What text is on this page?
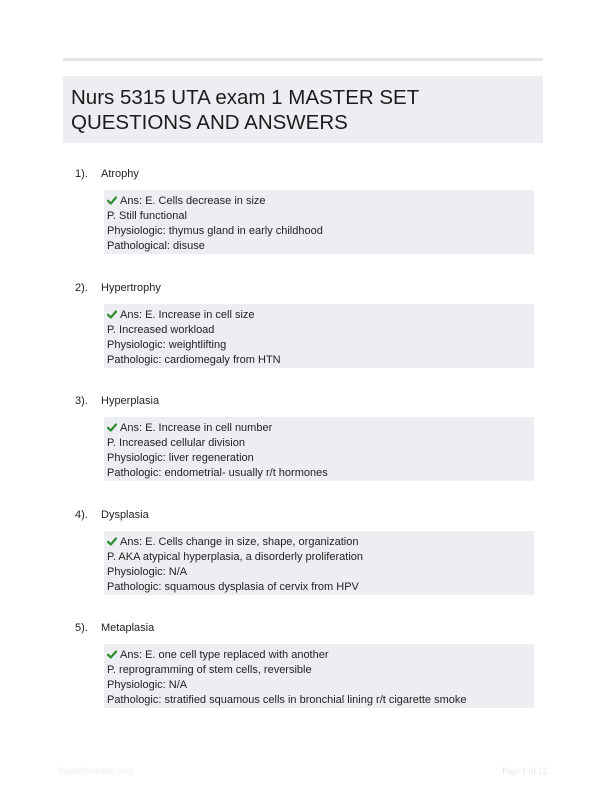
Nurs 5315 UTA exam 1 MASTER SET QUESTIONS AND ANSWERS
1). Atrophy
Ans: E. Cells decrease in size
P. Still functional
Physiologic: thymus gland in early childhood
Pathological: disuse
2). Hypertrophy
Ans: E. Increase in cell size
P. Increased workload
Physiologic: weightlifting
Pathologic: cardiomegaly from HTN
3). Hyperplasia
Ans: E. Increase in cell number
P. Increased cellular division
Physiologic: liver regeneration
Pathologic: endometrial- usually r/t hormones
4). Dysplasia
Ans: E. Cells change in size, shape, organization
P. AKA atypical hyperplasia, a disorderly proliferation
Physiologic: N/A
Pathologic: squamous dysplasia of cervix from HPV
5). Metaplasia
Ans: E. one cell type replaced with another
P. reprogramming of stem cells, reversible
Physiologic: N/A
Pathologic: stratified squamous cells in bronchial lining r/t cigarette smoke
PaperWebsite.com	Page 1 of 12
